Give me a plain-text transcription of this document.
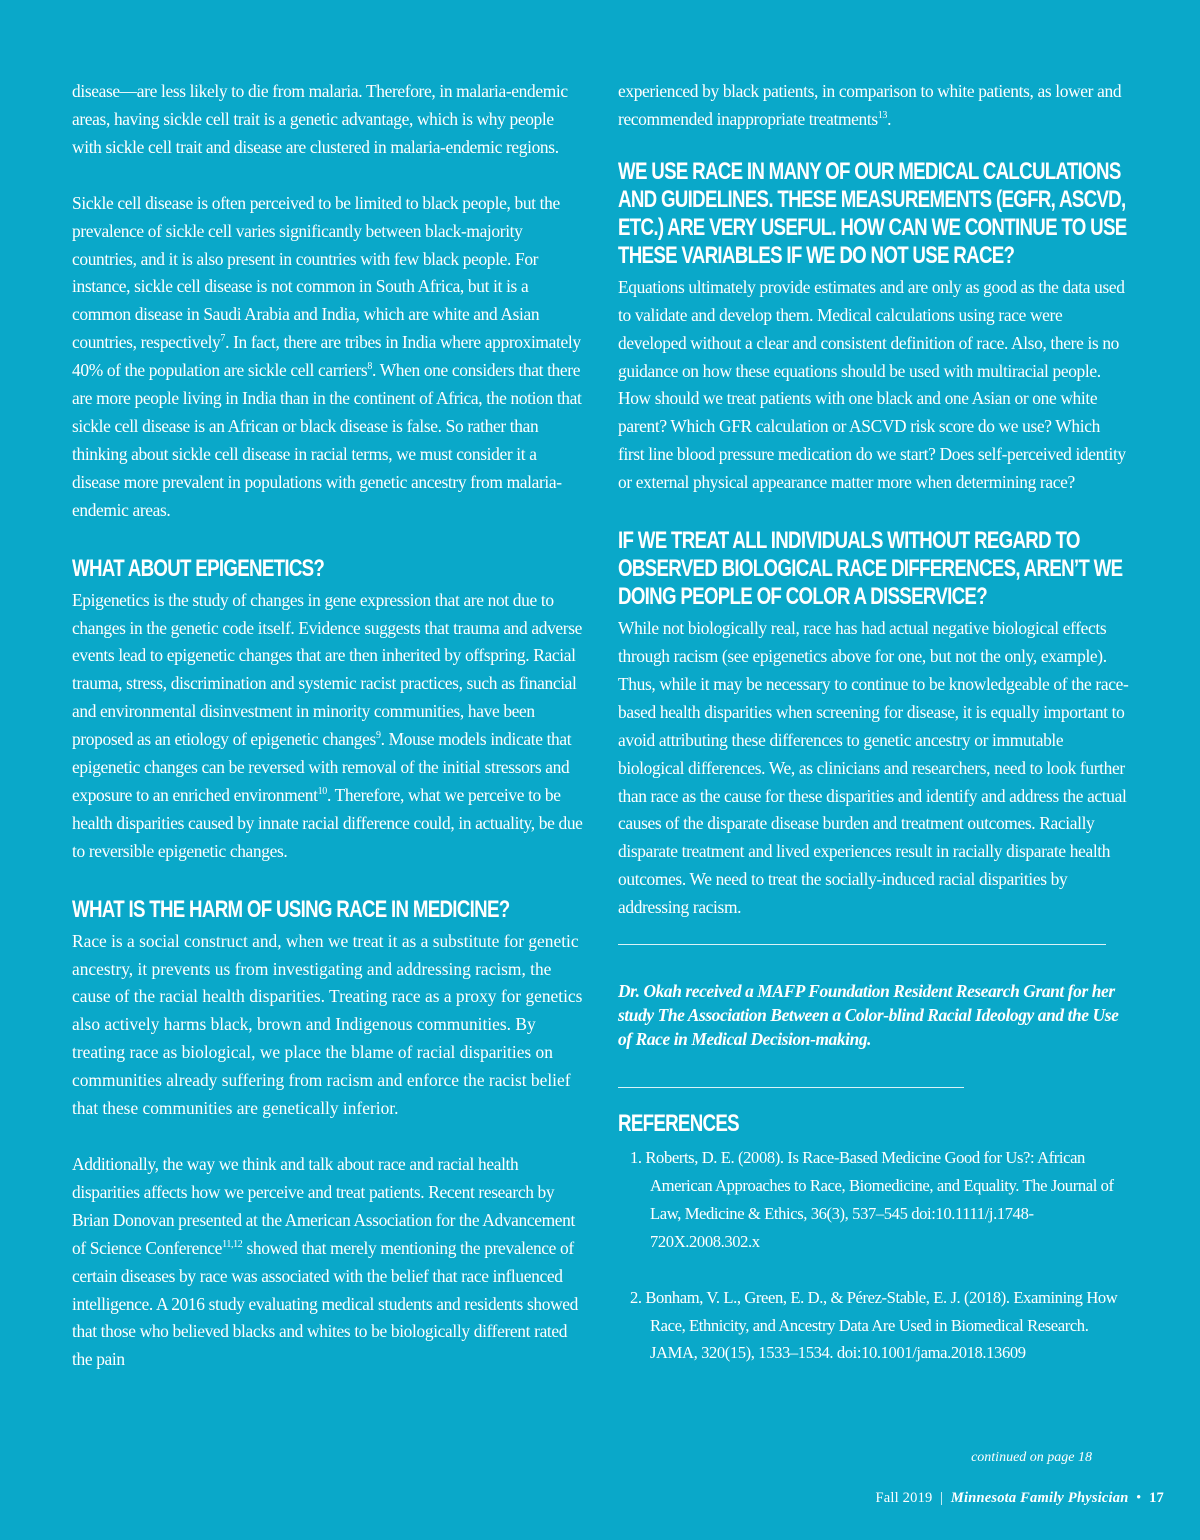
disease—are less likely to die from malaria. Therefore, in malaria-endemic areas, having sickle cell trait is a genetic advantage, which is why people with sickle cell trait and disease are clustered in malaria-endemic regions.

Sickle cell disease is often perceived to be limited to black people, but the prevalence of sickle cell varies significantly between black-majority countries, and it is also present in countries with few black people. For instance, sickle cell disease is not common in South Africa, but it is a common disease in Saudi Arabia and India, which are white and Asian countries, respectively$^7$. In fact, there are tribes in India where approximately 40% of the population are sickle cell carriers$^8$. When one considers that there are more people living in India than in the continent of Africa, the notion that sickle cell disease is an African or black disease is false. So rather than thinking about sickle cell disease in racial terms, we must consider it a disease more prevalent in populations with genetic ancestry from malaria-endemic areas.

WHAT ABOUT EPIGENETICS?

Epigenetics is the study of changes in gene expression that are not due to changes in the genetic code itself. Evidence suggests that trauma and adverse events lead to epigenetic changes that are then inherited by offspring. Racial trauma, stress, discrimination and systemic racist practices, such as financial and environmental disinvestment in minority communities, have been proposed as an etiology of epigenetic changes$^9$. Mouse models indicate that epigenetic changes can be reversed with removal of the initial stressors and exposure to an enriched environment$^{10}$. Therefore, what we perceive to be health disparities caused by innate racial difference could, in actuality, be due to reversible epigenetic changes.

WHAT IS THE HARM OF USING RACE IN MEDICINE?

Race is a social construct and, when we treat it as a substitute for genetic ancestry, it prevents us from investigating and addressing racism, the cause of the racial health disparities. Treating race as a proxy for genetics also actively harms black, brown and Indigenous communities. By treating race as biological, we place the blame of racial disparities on communities already suffering from racism and enforce the racist belief that these communities are genetically inferior.

Additionally, the way we think and talk about race and racial health disparities affects how we perceive and treat patients. Recent research by Brian Donovan presented at the American Association for the Advancement of Science Conference$^{11,12}$ showed that merely mentioning the prevalence of certain diseases by race was associated with the belief that race influenced intelligence. A 2016 study evaluating medical students and residents showed that those who believed blacks and whites to be biologically different rated the pain

experienced by black patients, in comparison to white patients, as lower and recommended inappropriate treatments$^{13}$.

WE USE RACE IN MANY OF OUR MEDICAL CALCULATIONS AND GUIDELINES. THESE MEASUREMENTS (EGFR, ASCVD, ETC.) ARE VERY USEFUL. HOW CAN WE CONTINUE TO USE THESE VARIABLES IF WE DO NOT USE RACE?

Equations ultimately provide estimates and are only as good as the data used to validate and develop them. Medical calculations using race were developed without a clear and consistent definition of race. Also, there is no guidance on how these equations should be used with multiracial people. How should we treat patients with one black and one Asian or one white parent? Which GFR calculation or ASCVD risk score do we use? Which first line blood pressure medication do we start? Does self-perceived identity or external physical appearance matter more when determining race?

IF WE TREAT ALL INDIVIDUALS WITHOUT REGARD TO OBSERVED BIOLOGICAL RACE DIFFERENCES, AREN’T WE DOING PEOPLE OF COLOR A DISSERVICE?

While not biologically real, race has had actual negative biological effects through racism (see epigenetics above for one, but not the only, example). Thus, while it may be necessary to continue to be knowledgeable of the race-based health disparities when screening for disease, it is equally important to avoid attributing these differences to genetic ancestry or immutable biological differences. We, as clinicians and researchers, need to look further than race as the cause for these disparities and identify and address the actual causes of the disparate disease burden and treatment outcomes. Racially disparate treatment and lived experiences result in racially disparate health outcomes. We need to treat the socially-induced racial disparities by addressing racism.

Dr. Okah received a MAFP Foundation Resident Research Grant for her study The Association Between a Color-blind Racial Ideology and the Use of Race in Medical Decision-making.

REFERENCES
1. Roberts, D. E. (2008). Is Race-Based Medicine Good for Us?: African American Approaches to Race, Biomedicine, and Equality. The Journal of Law, Medicine & Ethics, 36(3), 537–545 doi:10.1111/j.1748-720X.2008.302.x
2. Bonham, V. L., Green, E. D., & Pérez-Stable, E. J. (2018). Examining How Race, Ethnicity, and Ancestry Data Are Used in Biomedical Research. JAMA, 320(15), 1533–1534. doi:10.1001/jama.2018.13609
continued on page 18
Fall 2019 | Minnesota Family Physician • 17
